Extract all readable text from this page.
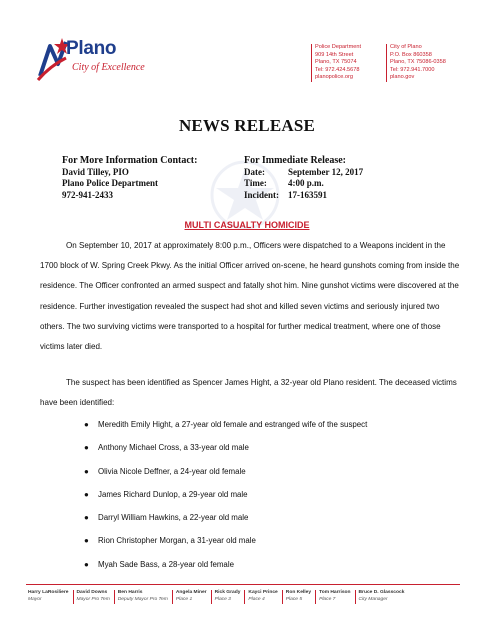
Plano
City of Excellence
Police Department
909 14th Street
Plano, TX 75074
Tel: 972.424.5678
planopolice.org
City of Plano
P.O. Box 860358
Plano, TX 75086-0358
Tel: 972.941.7000
plano.gov
NEWS RELEASE
For More Information Contact:
David Tilley, PIO
Plano Police Department
972-941-2433
For Immediate Release:
Date:	September 12, 2017
Time:	4:00 p.m.
Incident: 17-163591
MULTI CASUALTY HOMICIDE
On September 10, 2017 at approximately 8:00 p.m., Officers were dispatched to a Weapons incident in the 1700 block of W. Spring Creek Pkwy. As the initial Officer arrived on-scene, he heard gunshots coming from inside the residence. The Officer confronted an armed suspect and fatally shot him. Nine gunshot victims were discovered at the residence. Further investigation revealed the suspect had shot and killed seven victims and seriously injured two others. The two surviving victims were transported to a hospital for further medical treatment, where one of those victims later died.
The suspect has been identified as Spencer James Hight, a 32-year old Plano resident. The deceased victims have been identified:
●	Meredith Emily Hight, a 27-year old female and estranged wife of the suspect
●	Anthony Michael Cross, a 33-year old male
●	Olivia Nicole Deffner, a 24-year old female
●	James Richard Dunlop, a 29-year old male
●	Darryl William Hawkins, a 22-year old male
●	Rion Christopher Morgan, a 31-year old male
●	Myah Sade Bass, a 28-year old female
Harry LaRosiliere
Mayor
David Downs
Mayor Pro Tem
Ben Harris
Deputy Mayor Pro Tem
Angela Miner
Place 1
Rick Grady
Place 3
Kayci Prince
Place 4
Ron Kelley
Place 5
Tom Harrison
Place 7
Bruce D. Glasscock
City Manager
